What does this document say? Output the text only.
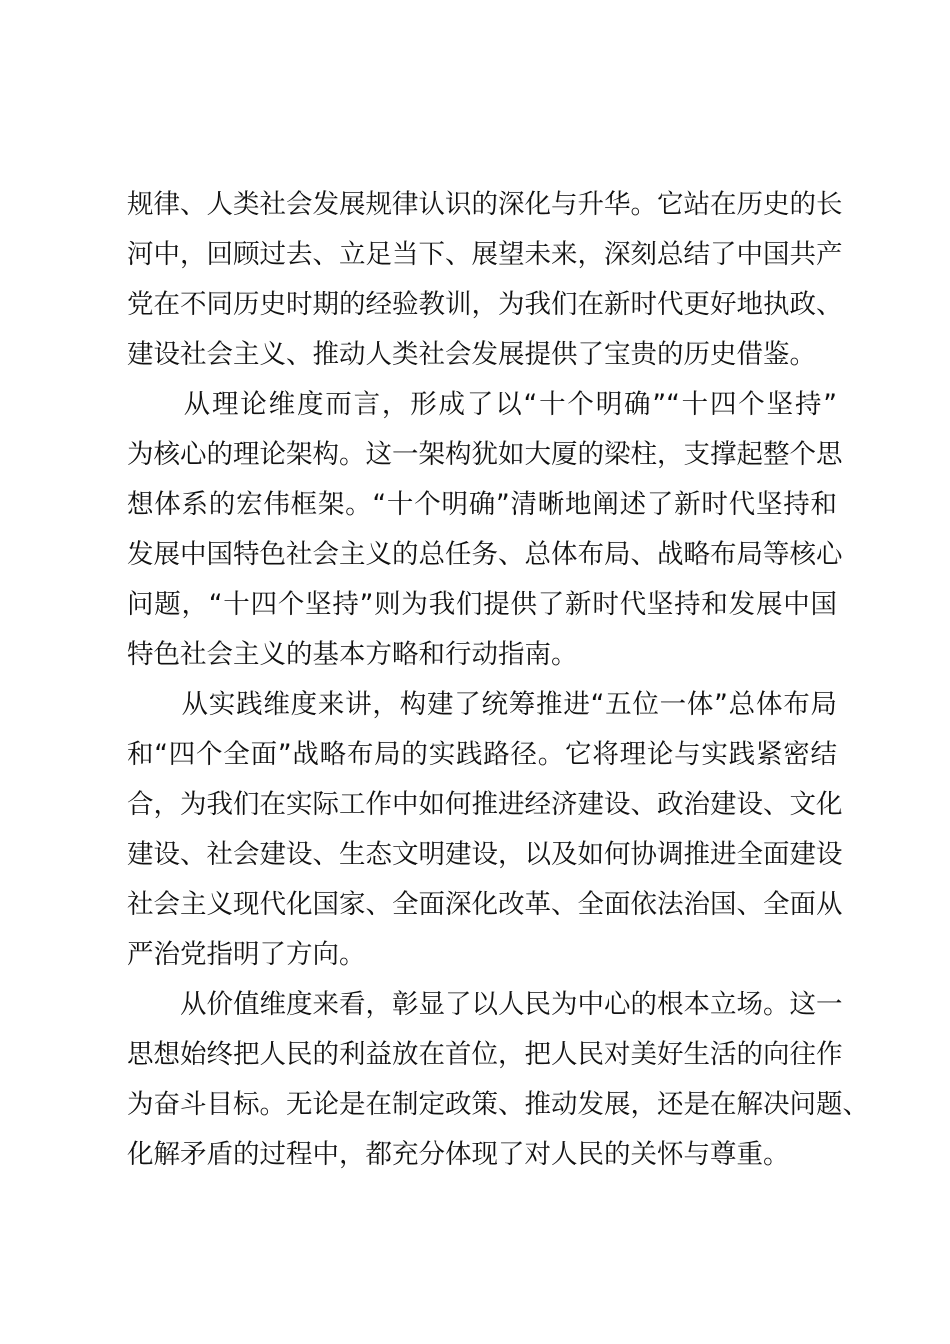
规律、人类社会发展规律认识的深化与升华。它站在历史的长
河中，回顾过去、立足当下、展望未来，深刻总结了中国共产
党在不同历史时期的经验教训，为我们在新时代更好地执政、
建设社会主义、推动人类社会发展提供了宝贵的历史借鉴。
　　从理论维度而言，形成了以“十个明确”“十四个坚持”
为核心的理论架构。这一架构犹如大厦的梁柱，支撑起整个思
想体系的宏伟框架。“十个明确”清晰地阐述了新时代坚持和
发展中国特色社会主义的总任务、总体布局、战略布局等核心
问题，“十四个坚持”则为我们提供了新时代坚持和发展中国
特色社会主义的基本方略和行动指南。
　　从实践维度来讲，构建了统筹推进“五位一体”总体布局
和“四个全面”战略布局的实践路径。它将理论与实践紧密结
合，为我们在实际工作中如何推进经济建设、政治建设、文化
建设、社会建设、生态文明建设，以及如何协调推进全面建设
社会主义现代化国家、全面深化改革、全面依法治国、全面从
严治党指明了方向。
　　从价值维度来看，彰显了以人民为中心的根本立场。这一
思想始终把人民的利益放在首位，把人民对美好生活的向往作
为奋斗目标。无论是在制定政策、推动发展，还是在解决问题、
化解矛盾的过程中，都充分体现了对人民的关怀与尊重。
